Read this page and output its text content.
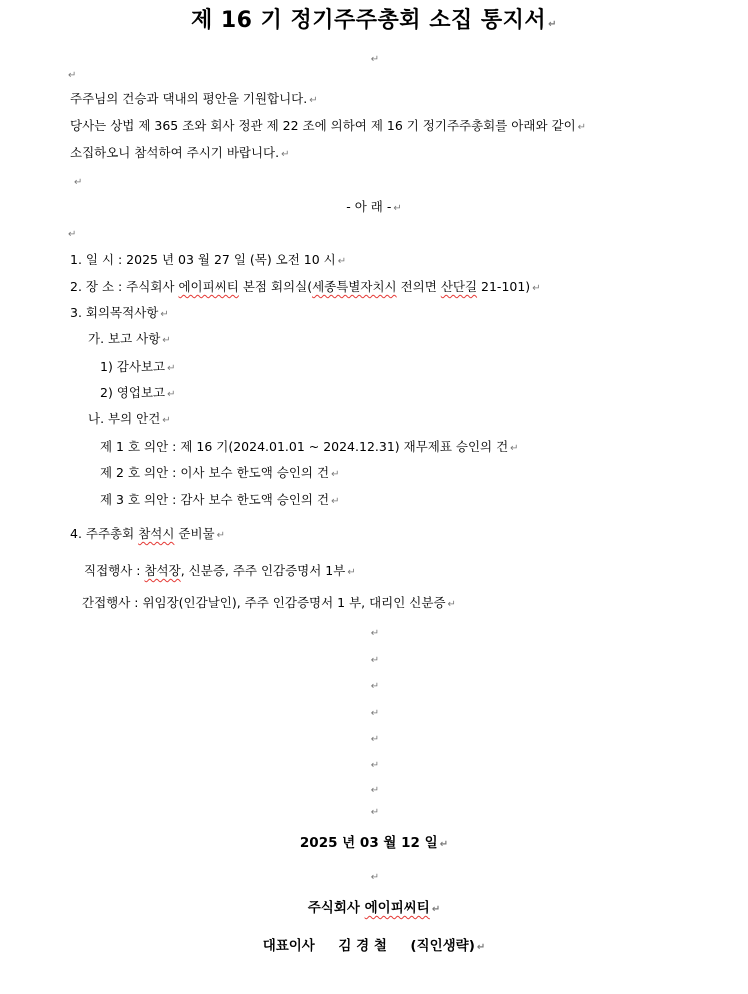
제 16 기 정기주주총회 소집 통지서 ↵
↵
↵
주주님의 건승과 댁내의 평안을 기원합니다. ↵
당사는 상법 제 365 조와 회사 정관 제 22 조에 의하여 제 16 기 정기주주총회를 아래와 같이 ↵
소집하오니 참석하여 주시기 바랍니다. ↵
↵
- 아 래 - ↵
↵
1. 일 시 : 2025 년 03 월 27 일 (목) 오전 10 시 ↵
2. 장 소 : 주식회사 에이피씨티 본점 회의실(세종특별자치시 전의면 산단길 21-101) ↵
3. 회의목적사항 ↵
가. 보고 사항 ↵
1) 감사보고 ↵
2) 영업보고 ↵
나. 부의 안건 ↵
제 1 호 의안 : 제 16 기(2024.01.01 ~ 2024.12.31) 재무제표 승인의 건 ↵
제 2 호 의안 : 이사 보수 한도액 승인의 건 ↵
제 3 호 의안 : 감사 보수 한도액 승인의 건 ↵
4. 주주총회 참석시 준비물 ↵
직접행사 : 참석장, 신분증, 주주 인감증명서 1부 ↵
간접행사 : 위임장(인감날인), 주주 인감증명서 1 부, 대리인 신분증 ↵
↵
↵
↵
↵
↵
↵
↵
↵
2025 년 03 월 12 일 ↵
↵
주식회사 에이피씨티 ↵
대표이사 김 경 철 (직인생략) ↵
